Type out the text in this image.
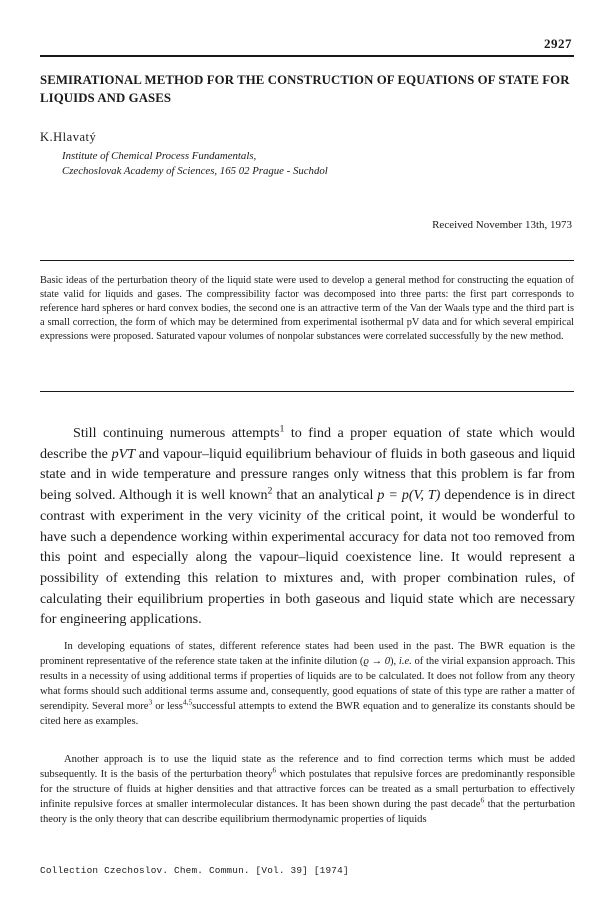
2927
SEMIRATIONAL METHOD FOR THE CONSTRUCTION OF EQUATIONS OF STATE FOR LIQUIDS AND GASES
K.Hlavatý
Institute of Chemical Process Fundamentals,
Czechoslovak Academy of Sciences, 165 02 Prague - Suchdol
Received November 13th, 1973
Basic ideas of the perturbation theory of the liquid state were used to develop a general method for constructing the equation of state valid for liquids and gases. The compressibility factor was decomposed into three parts: the first part corresponds to reference hard spheres or hard convex bodies, the second one is an attractive term of the Van der Waals type and the third part is a small correction, the form of which may be determined from experimental isothermal pV data and for which several empirical expressions were proposed. Saturated vapour volumes of nonpolar substances were correlated successfully by the new method.
Still continuing numerous attempts$^1$ to find a proper equation of state which would describe the pVT and vapour–liquid equilibrium behaviour of fluids in both gaseous and liquid state and in wide temperature and pressure ranges only witness that this problem is far from being solved. Although it is well known$^2$ that an analytical p = p(V, T) dependence is in direct contrast with experiment in the very vicinity of the critical point, it would be wonderful to have such a dependence working within experimental accuracy for data not too removed from this point and especially along the vapour–liquid coexistence line. It would represent a possibility of extending this relation to mixtures and, with proper combination rules, of calculating their equilibrium properties in both gaseous and liquid state which are necessary for engineering applications.
In developing equations of states, different reference states had been used in the past. The BWR equation is the prominent representative of the reference state taken at the infinite dilution (ϱ → 0), i.e. of the virial expansion approach. This results in a necessity of using additional terms if properties of liquids are to be calculated. It does not follow from any theory what forms should such additional terms assume and, consequently, good equations of state of this type are rather a matter of serendipity. Several more$^3$ or less$^{4,5}$successful attempts to extend the BWR equation and to generalize its constants should be cited here as examples.
Another approach is to use the liquid state as the reference and to find correction terms which must be added subsequently. It is the basis of the perturbation theory$^6$ which postulates that repulsive forces are predominantly responsible for the structure of fluids at higher densities and that attractive forces can be treated as a small perturbation to effectively infinite repulsive forces at smaller intermolecular distances. It has been shown during the past decade$^6$ that the perturbation theory is the only theory that can describe equilibrium thermodynamic properties of liquids
Collection Czechoslov. Chem. Commun. [Vol. 39] [1974]
